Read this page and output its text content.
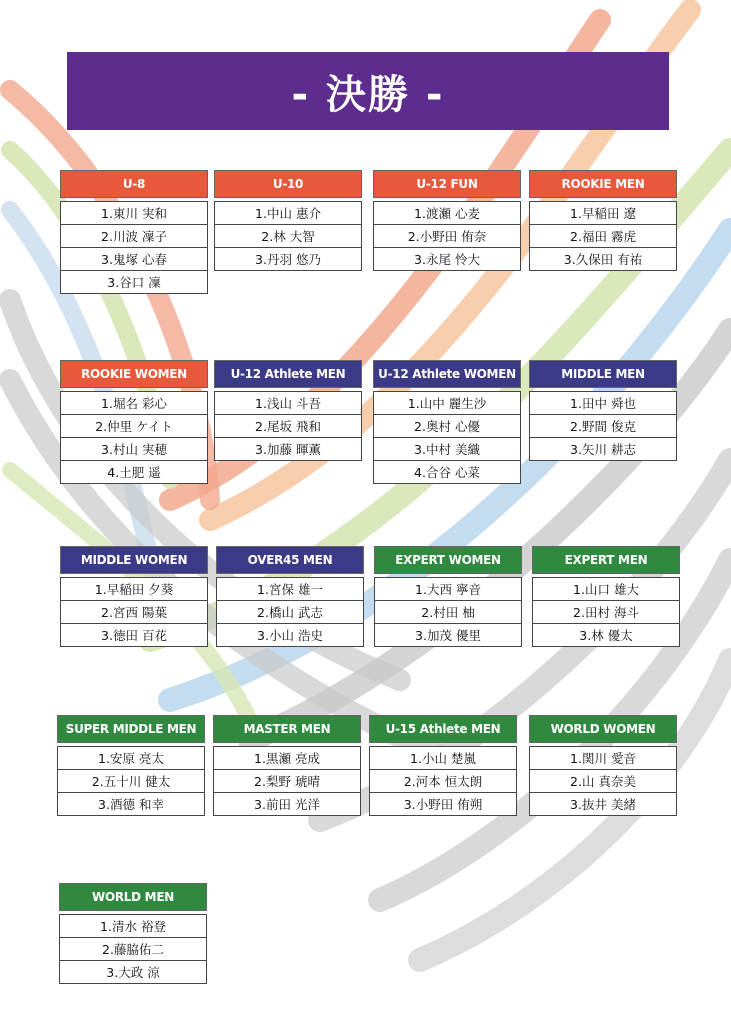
- 決勝 -
U-8
1.東川 実和
2.川波 凜子
3.鬼塚 心春
3.谷口 凜
U-10
1.中山 惠介
2.林 大智
3.丹羽 悠乃
U-12 FUN
1.渡瀬 心麦
2.小野田 侑奈
3.永尾 怜大
ROOKIE MEN
1.早稲田 遼
2.福田 霧虎
3.久保田 有祐
ROOKIE WOMEN
1.堀名 彩心
2.仲里 ケイト
3.村山 実穂
4.土肥 遥
U-12 Athlete MEN
1.浅山 斗吾
2.尾坂 飛和
3.加藤 暉薫
U-12 Athlete WOMEN
1.山中 麗生沙
2.奥村 心優
3.中村 美織
4.合谷 心菜
MIDDLE MEN
1.田中 舜也
2.野間 俊克
3.矢川 耕志
MIDDLE WOMEN
1.早稲田 夕葵
2.宮西 陽葉
3.徳田 百花
OVER45 MEN
1.宮保 雄一
2.橋山 武志
3.小山 浩史
EXPERT WOMEN
1.大西 寧音
2.村田 柚
3.加茂 優里
EXPERT MEN
1.山口 雄大
2.田村 海斗
3.林 優太
SUPER MIDDLE MEN
1.安原 亮太
2.五十川 健太
3.酒德 和幸
MASTER MEN
1.黒瀬 亮成
2.梨野 琥晴
3.前田 光洋
U-15 Athlete MEN
1.小山 楚嵐
2.河本 恒太朗
3.小野田 侑朔
WORLD WOMEN
1.関川 愛音
2.山 真奈美
3.抜井 美緒
WORLD MEN
1.清水 裕登
2.藤脇佑二
3.大政 涼
